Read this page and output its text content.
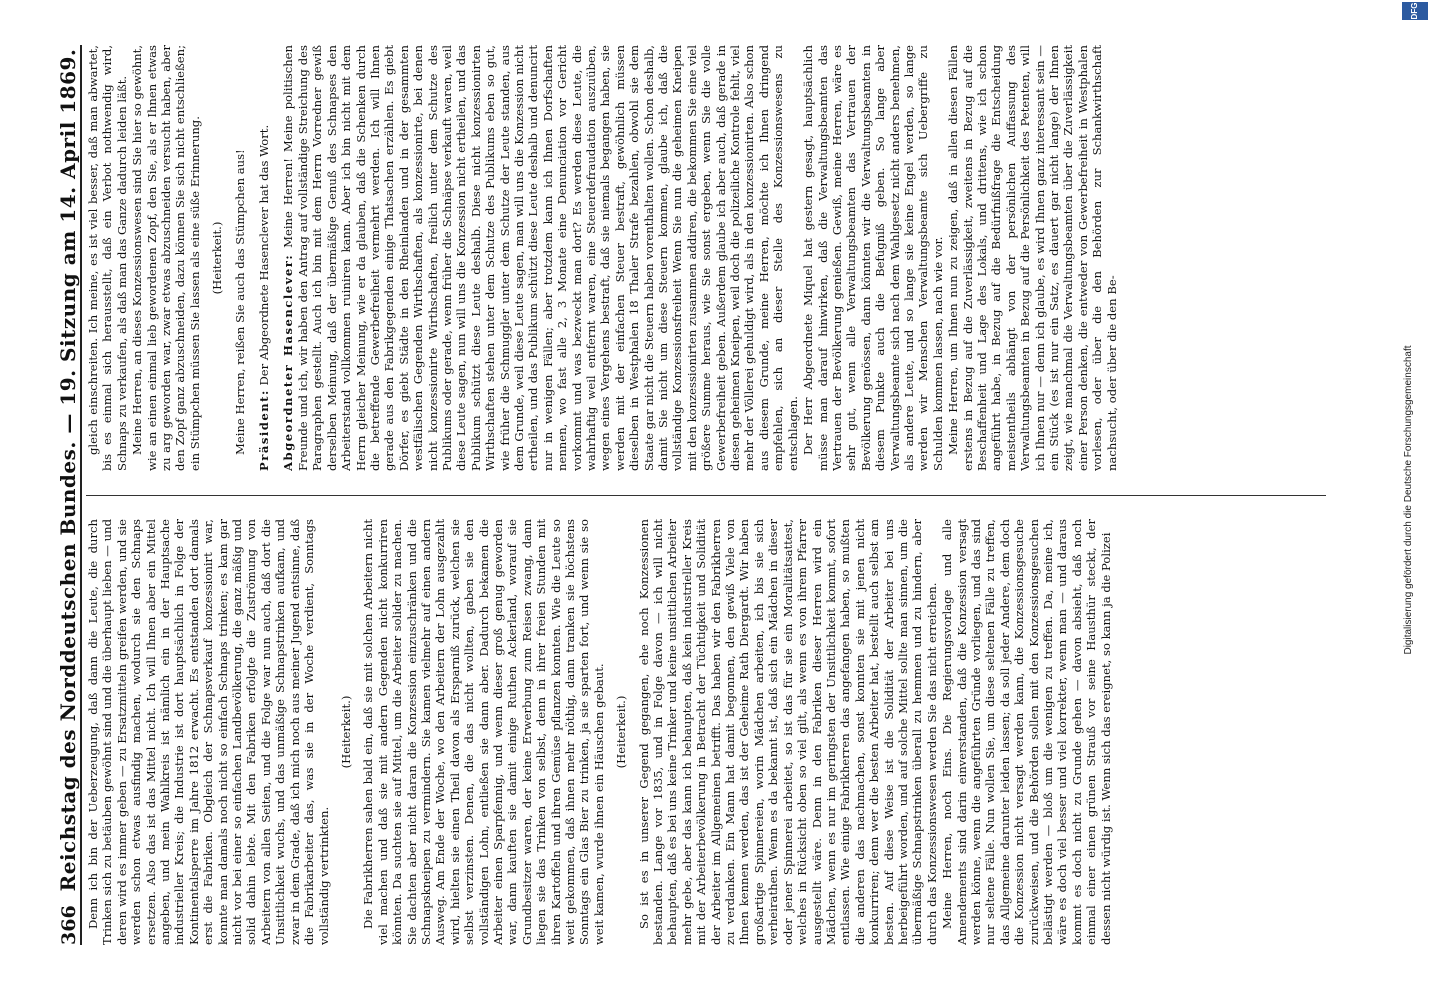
366
Reichstag des Norddeutschen Bundes. — 19. Sitzung am 14. April 1869. Denn ich bin der Ueberzeugung, daß dann die Leute, die durch Trinken sich zu betäuben gewöhnt sind und die überhaupt lieben — und deren wird es immer geben — zu Ersatzmitteln greifen werden, und sie werden schon etwas ausfindig machen, wodurch sie den Schnaps ersetzen. Also das ist das Mittel nicht. Ich will Ihnen aber ein Mittel angeben, und mein Wahlkreis ist nämlich ein in der Hauptsache industrieller Kreis; die Industrie ist dort hauptsächlich in Folge der Kontinentalsperre im Jahre 1812 erwacht. Es entstanden dort damals erst die Fabriken. Obgleich der Schnapsverkauf konzessionirt war, konnte man damals noch nicht so einfach Schnaps trinken; es kam gar nicht vor bei einer so einfachen Landbevölkerung, die ganz mäßig und solid dahin lebte. Mit den Fabriken erfolgte die Zuströmung von Arbeitern von allen Seiten, und die Folge war nun auch, daß dort die Unsittlichkeit wuchs, und das unmäßige Schnapstrinken aufkam, und zwar in dem Grade, daß ich mich noch aus meiner Jugend entsinne, daß die Fabrikarbeiter das, was sie in der Woche verdient, Sonntags vollständig vertrinkten.

(Heiterkeit.) Die Fabrikherren sahen bald ein, daß sie mit solchen Arbeitern nicht viel machen und daß sie mit andern Gegenden nicht konkurriren könnten. Da suchten sie auf Mittel, um die Arbeiter solider zu machen. Sie dachten aber nicht daran die Konzession einzuschränken und die Schnapskneipen zu vermindern. Sie kamen vielmehr auf einen andern Ausweg. Am Ende der Woche, wo den Arbeitern der Lohn ausgezahlt wird, hielten sie einen Theil davon als Ersparniß zurück, welchen sie selbst verzinsten. Denen, die das nicht wollten, gaben sie den vollständigen Lohn, entließen sie dann aber. Dadurch bekamen die Arbeiter einen Sparpfennig, und wenn dieser groß genug geworden war, dann kauften sie damit einige Ruthen Ackerland, worauf sie Grundbesitzer waren, der keine Erwerbung zum Reisen zwang, dann liegen sie das Trinken von selbst, denn in ihrer freien Stunden mit ihren Kartoffeln und ihren Gemüse pflanzen konnten. Wie die Leute so weit gekommen, daß ihnen mehr nöthig, dann tranken sie höchstens Sonntags ein Glas Bier zu trinken, ja sie sparten fort, und wenn sie so weit kamen, wurde ihnen ein Häuschen gebaut. (Heiterkeit.) So ist es in unserer Gegend gegangen, ehe noch Konzessionen bestanden. Lange vor 1835, und in Folge davon — ich will nicht behaupten, daß es bei uns keine Trinker und keine unsittlichen Arbeiter mehr gebe, aber das kann ich behaupten, daß kein industrieller Kreis mit der Arbeiterbevölkerung in Betracht der Tüchtigkeit und Solidität der Arbeiter im Allgemeinen betrifft. Das haben wir den Fabrikherren zu verdanken. Ein Mann hat damit begonnen, den gewiß Viele von Ihnen kennen werden, das ist der Geheime Rath Diergardt. Wir haben großartige Spinnereien, worin Mädchen arbeiten, ich bis sie sich verheirathen. Wenn es da bekannt ist, daß sich ein Mädchen in dieser oder jener Spinnerei arbeitet, so ist das für sie ein Moralitätsattest, welches in Rücksicht oben so viel gilt, als wenn es von ihrem Pfarrer ausgestellt wäre. Denn in den Fabriken dieser Herren wird ein Mädchen, wenn es nur im geringsten der Unsittlichkeit kommt, sofort entlassen. Wie einige Fabrikherren das angefangen haben, so mußten die anderen das nachmachen, sonst konnten sie mit jenen nicht konkurriren; denn wer die besten Arbeiter hat, bestellt auch selbst am besten. Auf diese Weise ist die Solidität der Arbeiter bei uns herbeigeführt worden, und auf solche Mittel sollte man sinnen, um die übermäßige Schnapstrinken überall zu hemmen und zu hindern, aber durch das Konzessionswesen werden Sie das nicht erreichen. Meine Herren, noch Eins. Die Regierungsvorlage und alle Amendements sind darin einverstanden, daß die Konzession versagt werden könne, wenn die angeführten Gründe vorliegen, und das sind nur seltene Fälle. Nun wollen Sie, um diese seltenen Fälle zu treffen, das Allgemeine darunter leiden lassen; da soll jeder Andere, dem doch die Konzession nicht versagt werden kann, die Konzessionsgesuche zurückweisen, und die Behörden sollen mit den Konzessionsgesuchen belästigt werden — bloß um die wenigen zu treffen. Da, meine ich, wäre es doch viel besser und viel korrekter, wenn man — und daraus kommt es doch nicht zu Grunde gehen — davon absieht, daß noch einmal einer einen grünen Strauß vor seine Hausthür steckt, der dessen nicht würdig ist. Wenn sich das ereignet, so kann ja die Polizei

gleich einschreiten. Ich meine, es ist viel besser, daß man abwartet, bis es einmal sich herausstellt, daß ein Verbot nothwendig wird, Schnaps zu verkaufen, als daß man das Ganze dadurch leiden läßt. Meine Herren, an dieses Konzessionswesen sind Sie hier so gewöhnt, wie an einen einmal lieb gewordenen Zopf, den Sie, als er Ihnen etwas zu arg geworden war, zwar etwas abzuschneiden versucht haben, aber den Zopf ganz abzuschneiden, dazu können Sie sich nicht entschließen; ein Stümpchen müssen Sie lassen als eine süße Erinnerung. (Heiterkeit.) Meine Herren, reißen Sie auch das Stümpchen aus! Präsident: Der Abgeordnete Hasenclever hat das Wort. Abgeordneter Hasenclever: Meine Herren! Meine politischen Freunde und ich, wir haben den Antrag auf vollständige Streichung des Paragraphen gestellt. Auch ich bin mit dem Herrn Vorredner gewiß derselben Meinung, daß der übermäßige Genuß des Schnapses den Arbeiterstand vollkommen ruiniren kann. Aber ich bin nicht mit dem Herrn gleicher Meinung, wie er da glauben, daß die Schenken durch die betreffende Gewerbefreiheit vermehrt werden. Ich will Ihnen gerade aus den Fabrikgegenden einige Thatsachen erzählen. Es giebt Dörfer, es giebt Städte in den Rheinlanden und in der gesammten westfälischen Gegenden Wirthschaften, als konzessionirte, bei denen nicht konzessionirte Wirthschaften, freilich unter dem Schutze des Publikums oder gerade, wenn früher die Schnäpse verkauft waren, weil diese Leute sagen, nun will uns die Konzession nicht ertheilen, und das Publikum schützt diese Leute deshalb. Diese nicht konzessionirten Wirthschaften stehen unter dem Schutze des Publikums eben so gut, wie früher die Schmuggler unter dem Schutze der Leute standen, aus dem Grunde, weil diese Leute sagen, man will uns die Konzession nicht ertheilen, und das Publikum schützt diese Leute deshalb und denuncirt nur in wenigen Fällen; aber trotzdem kann ich Ihnen Dorfschaften nennen, wo fast alle 2, 3 Monate eine Denunciation vor Gericht vorkommt und was bezweckt man dort? Es werden diese Leute, die wahrhaftig weil entfernt waren, eine Steuerdefraudation auszuüben, wegen eines Vergehens bestraft, daß sie niemals begangen haben, sie werden mit der einfachen Steuer bestraft, gewöhnlich müssen dieselben in Westphalen 18 Thaler Strafe bezahlen, obwohl sie dem Staate gar nicht die Steuern haben vorenthalten wollen. Schon deshalb, damit Sie nicht um diese Steuern kommen, glaube ich, daß die vollständige Konzessionsfreiheit Wenn Sie nun die geheimen Kneipen mit den konzessionirten zusammen addiren, die bekommen Sie eine viel größere Summe heraus, wie Sie sonst ergeben, wenn Sie die volle Gewerbefreiheit geben. Außerdem glaube ich aber auch, daß gerade in diesen geheimen Kneipen, weil doch die polizeiliche Kontrole fehlt, viel mehr der Völlerei gehuldigt wird, als in den konzessionirten. Also schon aus diesem Grunde, meine Herren, möchte ich Ihnen dringend empfehlen, sich an dieser Stelle des Konzessionswesens zu entschlagen. Der Herr Abgeordnete Miquel hat gestern gesagt, hauptsächlich müsse man darauf hinwirken, daß die Verwaltungsbeamten das Vertrauen der Bevölkerung genießen. Gewiß, meine Herren, wäre es sehr gut, wenn alle Verwaltungsbeamten das Vertrauen der Bevölkerung genössen, dann könnten wir die Verwaltungsbeamten in diesem Punkte auch die Befugniß geben. So lange aber Verwaltungsbeamte sich nach dem Wahlgesetz nicht anders benehmen, als andere Leute, und so lange sie keine Engel werden, so lange werden wir Menschen Verwaltungsbeamte sich Uebergriffe zu Schulden kommen lassen, nach wie vor. Meine Herren, um Ihnen nun zu zeigen, daß in allen diesen Fällen erstens in Bezug auf die Zuverlässigkeit, zweitens in Bezug auf die Beschaffenheit und Lage des Lokals, und drittens, wie ich schon angeführt habe, in Bezug auf die Bedürfnißfrage die Entscheidung meistentheils abhängt von der persönlichen Auffassung des Verwaltungsbeamten in Bezug auf die Persönlichkeit des Petenten, will ich Ihnen nur — denn ich glaube, es wird Ihnen ganz interessant sein — ein Stück (es ist nur ein Satz, es dauert gar nicht lange) der Ihnen zeigt, wie manchmal die Verwaltungsbeamten über die Zuverlässigkeit einer Person denken, die entweder von Gewerbefreiheit in Westphalen vorlesen, oder über die den Behörden zur Schankwirthschaft nachsucht, oder über die den Be-	Digitalisierung gefördert durch die Deutsche Forschungsgemeinschaft
DFG
